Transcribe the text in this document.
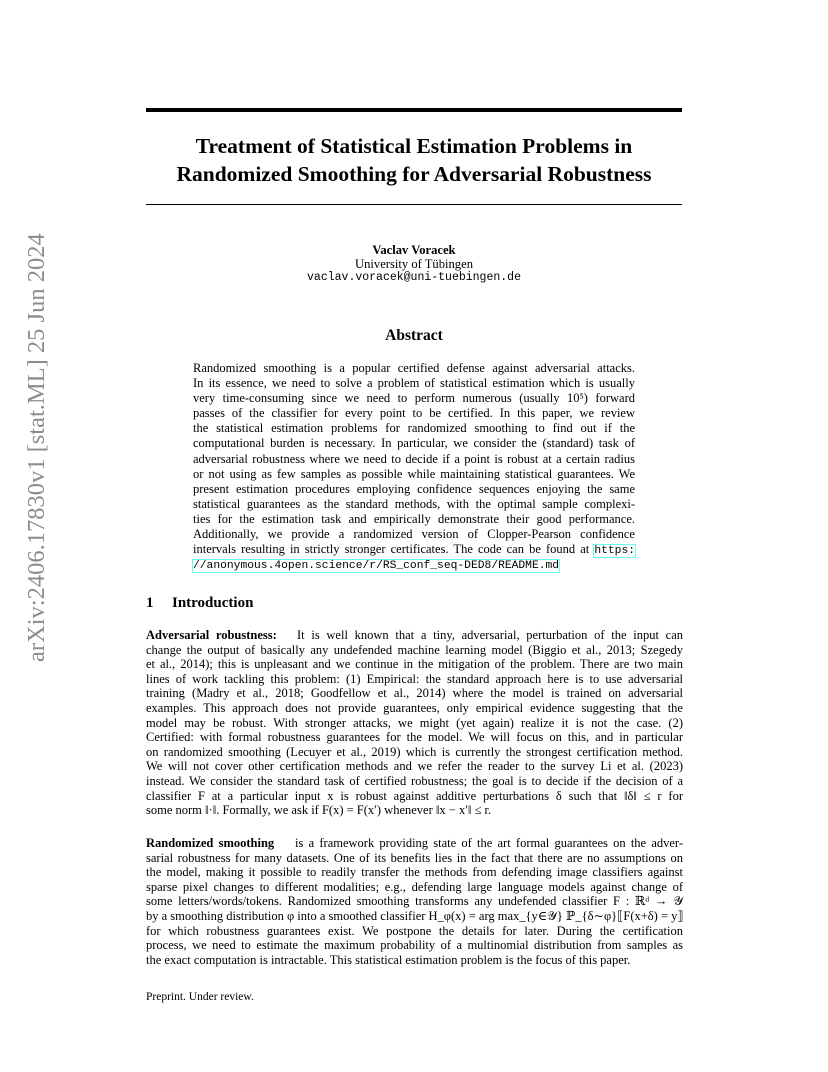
arXiv:2406.17830v1 [stat.ML] 25 Jun 2024
Treatment of Statistical Estimation Problems in
Randomized Smoothing for Adversarial Robustness
Vaclav Voracek
University of Tübingen
vaclav.voracek@uni-tuebingen.de
Abstract
Randomized smoothing is a popular certified defense against adversarial attacks.
In its essence, we need to solve a problem of statistical estimation which is usually
very time-consuming since we need to perform numerous (usually 10⁵) forward
passes of the classifier for every point to be certified. In this paper, we review
the statistical estimation problems for randomized smoothing to find out if the
computational burden is necessary. In particular, we consider the (standard) task of
adversarial robustness where we need to decide if a point is robust at a certain radius
or not using as few samples as possible while maintaining statistical guarantees. We
present estimation procedures employing confidence sequences enjoying the same
statistical guarantees as the standard methods, with the optimal sample complexi-
ties for the estimation task and empirically demonstrate their good performance.
Additionally, we provide a randomized version of Clopper-Pearson confidence
intervals resulting in strictly stronger certificates. The code can be found at https:
//anonymous.4open.science/r/RS_conf_seq-DED8/README.md
1 Introduction
Adversarial robustness: It is well known that a tiny, adversarial, perturbation of the input can
change the output of basically any undefended machine learning model (Biggio et al., 2013; Szegedy
et al., 2014); this is unpleasant and we continue in the mitigation of the problem. There are two main
lines of work tackling this problem: (1) Empirical: the standard approach here is to use adversarial
training (Madry et al., 2018; Goodfellow et al., 2014) where the model is trained on adversarial
examples. This approach does not provide guarantees, only empirical evidence suggesting that the
model may be robust. With stronger attacks, we might (yet again) realize it is not the case. (2)
Certified: with formal robustness guarantees for the model. We will focus on this, and in particular
on randomized smoothing (Lecuyer et al., 2019) which is currently the strongest certification method.
We will not cover other certification methods and we refer the reader to the survey Li et al. (2023)
instead. We consider the standard task of certified robustness; the goal is to decide if the decision of a
classifier F at a particular input x is robust against additive perturbations δ such that ‖δ‖ ≤ r for
some norm ‖·‖. Formally, we ask if F(x) = F(x′) whenever ‖x − x′‖ ≤ r.
Randomized smoothing is a framework providing state of the art formal guarantees on the adver-
sarial robustness for many datasets. One of its benefits lies in the fact that there are no assumptions on
the model, making it possible to readily transfer the methods from defending image classifiers against
sparse pixel changes to different modalities; e.g., defending large language models against change of
some letters/words/tokens. Randomized smoothing transforms any undefended classifier F : ℝᵈ → 𝒴
by a smoothing distribution φ into a smoothed classifier H_φ(x) = arg max_{y∈𝒴} ℙ_{δ∼φ}⟦F(x+δ) = y⟧
for which robustness guarantees exist. We postpone the details for later. During the certification
process, we need to estimate the maximum probability of a multinomial distribution from samples as
the exact computation is intractable. This statistical estimation problem is the focus of this paper.

Preprint. Under review.
